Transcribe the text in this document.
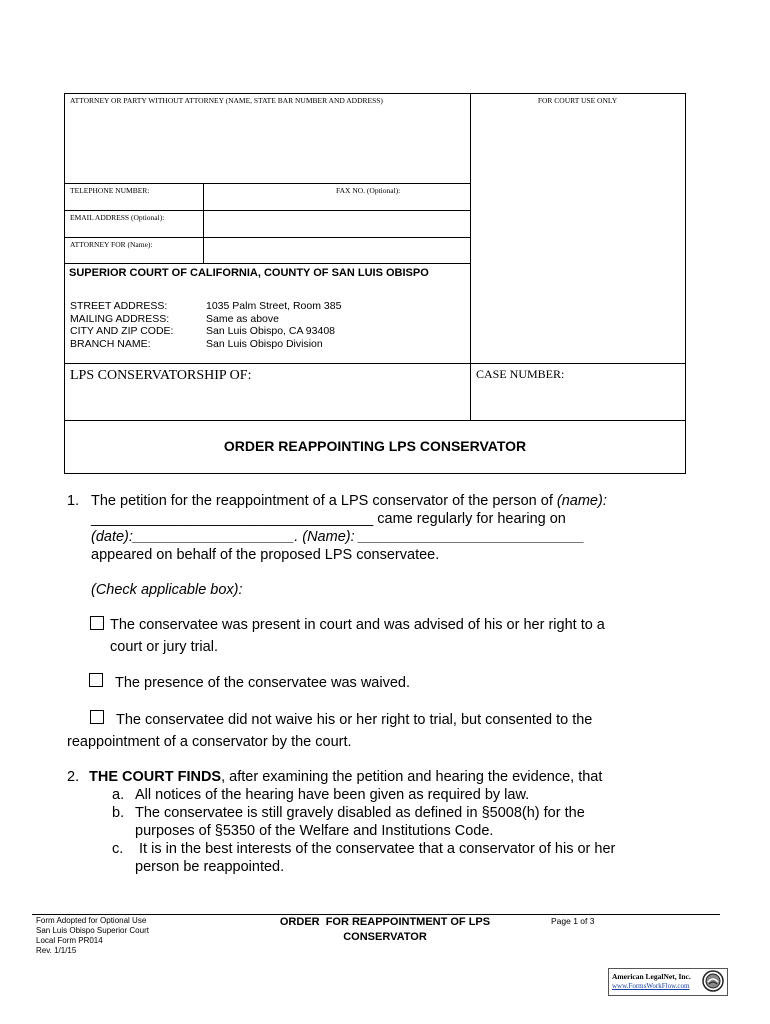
ATTORNEY OR PARTY WITHOUT ATTORNEY (NAME, STATE BAR NUMBER AND ADDRESS)	FOR COURT USE ONLY
TELEPHONE NUMBER:	FAX NO. (Optional):
EMAIL ADDRESS (Optional):
ATTORNEY FOR (Name):
SUPERIOR COURT OF CALIFORNIA, COUNTY OF SAN LUIS OBISPO
STREET ADDRESS:	1035 Palm Street, Room 385
MAILING ADDRESS:	Same as above
CITY AND ZIP CODE:	San Luis Obispo, CA 93408
BRANCH NAME:	San Luis Obispo Division
LPS CONSERVATORSHIP OF:	CASE NUMBER:
ORDER REAPPOINTING LPS CONSERVATOR
1. The petition for the reappointment of a LPS conservator of the person of (name):
___________________________________ came regularly for hearing on
(date):____________________. (Name): ____________________________
appeared on behalf of the proposed LPS conservatee.
(Check applicable box):
The conservatee was present in court and was advised of his or her right to a
court or jury trial.
The presence of the conservatee was waived.
The conservatee did not waive his or her right to trial, but consented to the
reappointment of a conservator by the court.
2. THE COURT FINDS, after examining the petition and hearing the evidence, that
a. All notices of the hearing have been given as required by law.
b. The conservatee is still gravely disabled as defined in §5008(h) for the
purposes of §5350 of the Welfare and Institutions Code.
c. It is in the best interests of the conservatee that a conservator of his or her
person be reappointed.
Form Adopted for Optional Use
San Luis Obispo Superior Court
Local Form PR014
Rev. 1/1/15
ORDER  FOR REAPPOINTMENT OF LPS
CONSERVATOR
Page 1 of 3
American LegalNet, Inc.
www.FormsWorkFlow.com
